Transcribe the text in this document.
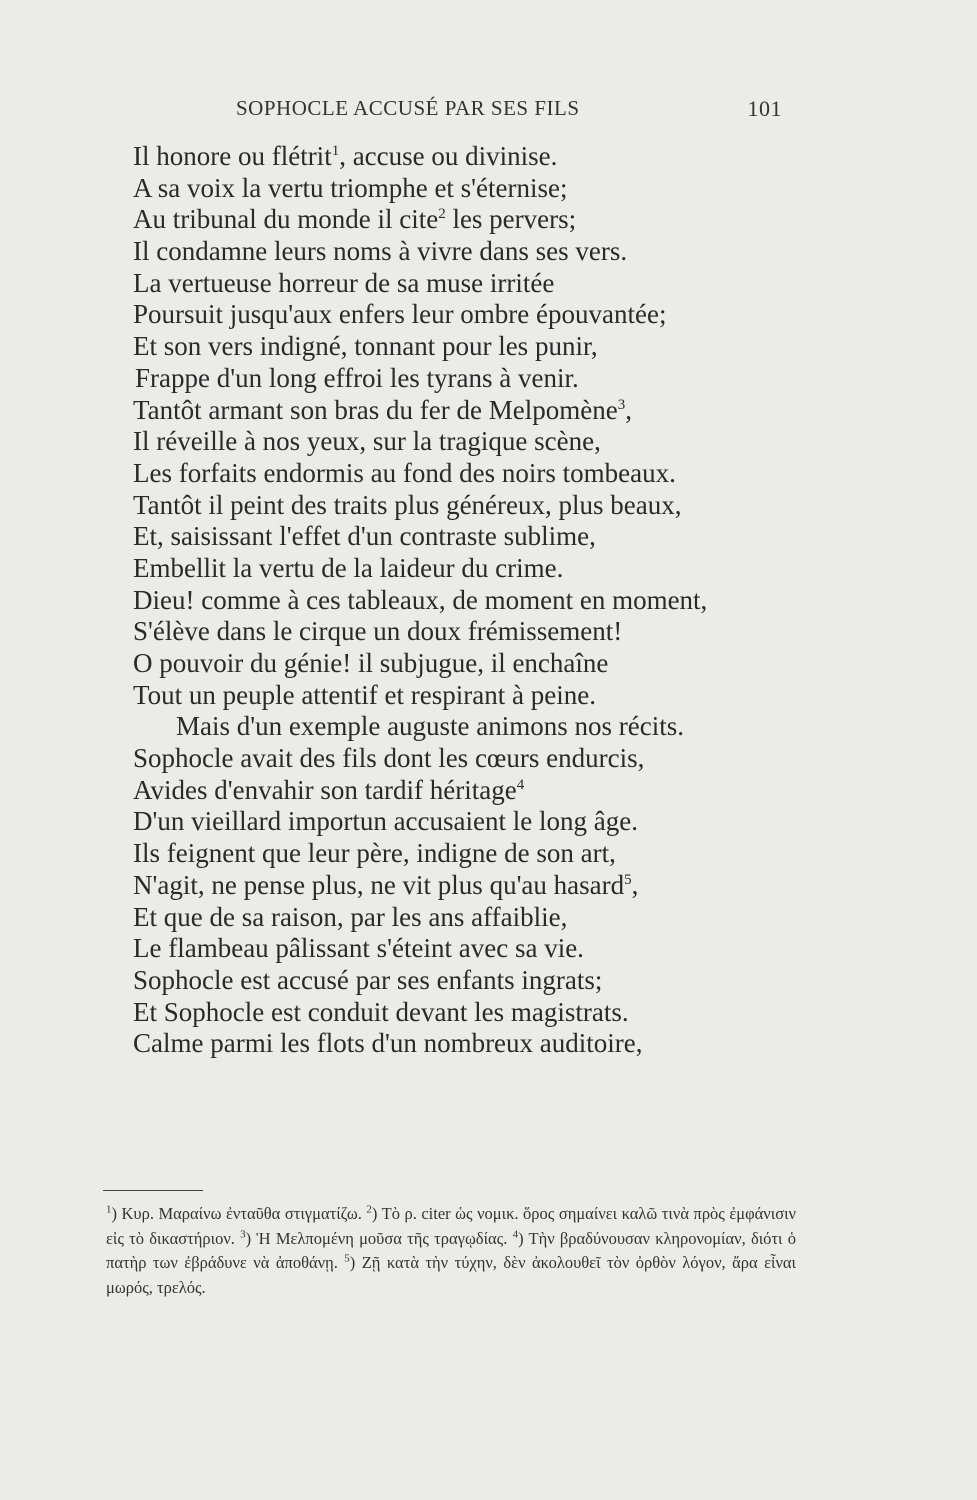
SOPHOCLE ACCUSÉ PAR SES FILS	101
Il honore ou flétrit$^1$, accuse ou divinise.
A sa voix la vertu triomphe et s'éternise;
Au tribunal du monde il cite$^2$ les pervers;
Il condamne leurs noms à vivre dans ses vers.
La vertueuse horreur de sa muse irritée
Poursuit jusqu'aux enfers leur ombre épouvantée;
Et son vers indigné, tonnant pour les punir,
Frappe d'un long effroi les tyrans à venir.
Tantôt armant son bras du fer de Melpomène$^3$,
Il réveille à nos yeux, sur la tragique scène,
Les forfaits endormis au fond des noirs tombeaux.
Tantôt il peint des traits plus généreux, plus beaux,
Et, saisissant l'effet d'un contraste sublime,
Embellit la vertu de la laideur du crime.
Dieu! comme à ces tableaux, de moment en moment,
S'élève dans le cirque un doux frémissement!
O pouvoir du génie! il subjugue, il enchaîne
Tout un peuple attentif et respirant à peine.
Mais d'un exemple auguste animons nos récits.
Sophocle avait des fils dont les cœurs endurcis,
Avides d'envahir son tardif héritage$^4$
D'un vieillard importun accusaient le long âge.
Ils feignent que leur père, indigne de son art,
N'agit, ne pense plus, ne vit plus qu'au hasard$^5$,
Et que de sa raison, par les ans affaiblie,
Le flambeau pâlissant s'éteint avec sa vie.
Sophocle est accusé par ses enfants ingrats;
Et Sophocle est conduit devant les magistrats.
Calme parmi les flots d'un nombreux auditoire,
$^1$) Κυρ. Μαραίνω ἐνταῦθα στιγματίζω. $^2$) Τὸ ρ. citer ὡς νομικ. ὅρος σημαίνει καλῶ τινὰ πρὸς ἐμφάνισιν εἰς τὸ δικαστήριον. $^3$) Ἡ Μελπομένη μοῦσα τῆς τραγῳδίας. $^4$) Τὴν βραδύνουσαν κληρονομίαν, διότι ὁ πατὴρ των ἐβράδυνε νὰ ἀποθάνῃ. $^5$) Ζῇ κατὰ τὴν τύχην, δὲν ἀκολουθεῖ τὸν ὀρθὸν λόγον, ἄρα εἶναι μωρός, τρελός.
